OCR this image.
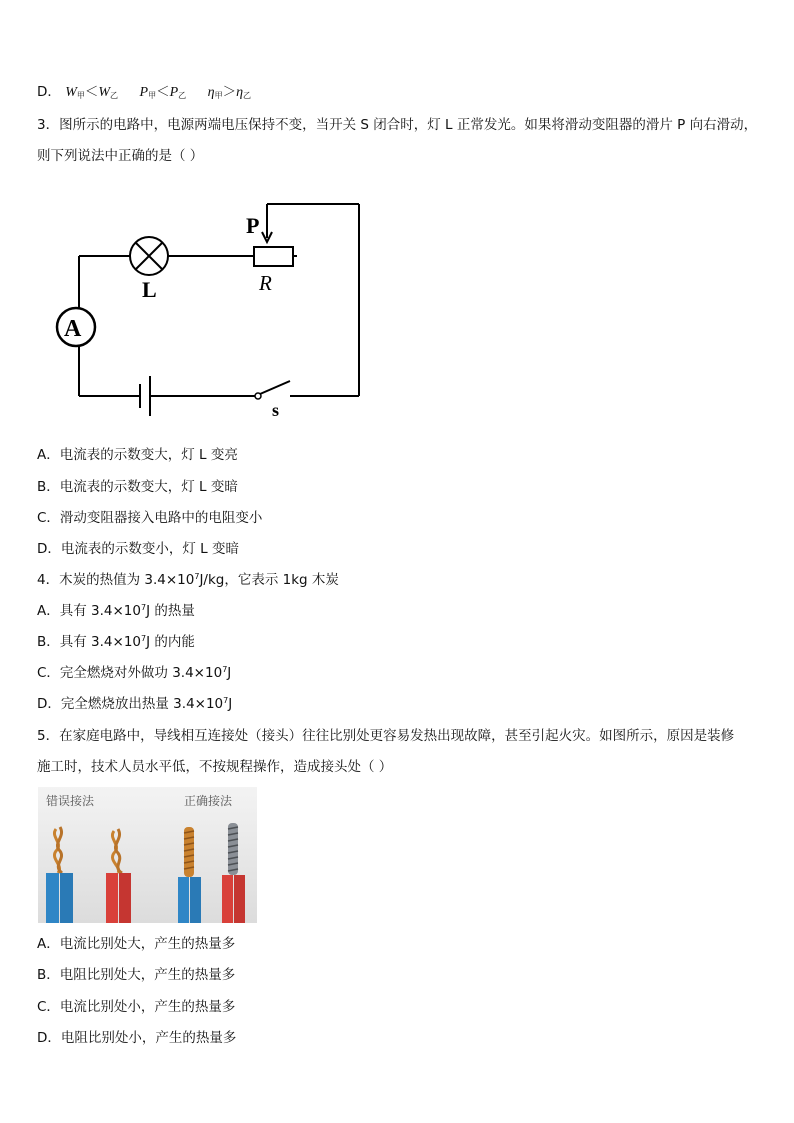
D． $W_甲<W_乙$ $P_甲<P_乙$ $\eta_甲>\eta_乙$
3．图所示的电路中，电源两端电压保持不变，当开关 S 闭合时，灯 L 正常发光。如果将滑动变阻器的滑片 P 向右滑动，
则下列说法中正确的是（ ）
P
R
L
A
s
A．电流表的示数变大，灯 L 变亮
B．电流表的示数变大，灯 L 变暗
C．滑动变阻器接入电路中的电阻变小
D．电流表的示数变小，灯 L 变暗
4．木炭的热值为 $3.4\times 10^7J/kg$，它表示 1kg 木炭
A．具有 $3.4\times 10^7J$ 的热量
B．具有 $3.4\times 10^7J$ 的内能
C．完全燃烧对外做功 $3.4\times 10^7J$
D．完全燃烧放出热量 $3.4\times 10^7J$
5．在家庭电路中，导线相互连接处（接头）往往比别处更容易发热出现故障，甚至引起火灾。如图所示，原因是装修
施工时，技术人员水平低，不按规程操作，造成接头处（ ）
错误接法	正确接法
A．电流比别处大，产生的热量多
B．电阻比别处大，产生的热量多
C．电流比别处小，产生的热量多
D．电阻比别处小，产生的热量多
